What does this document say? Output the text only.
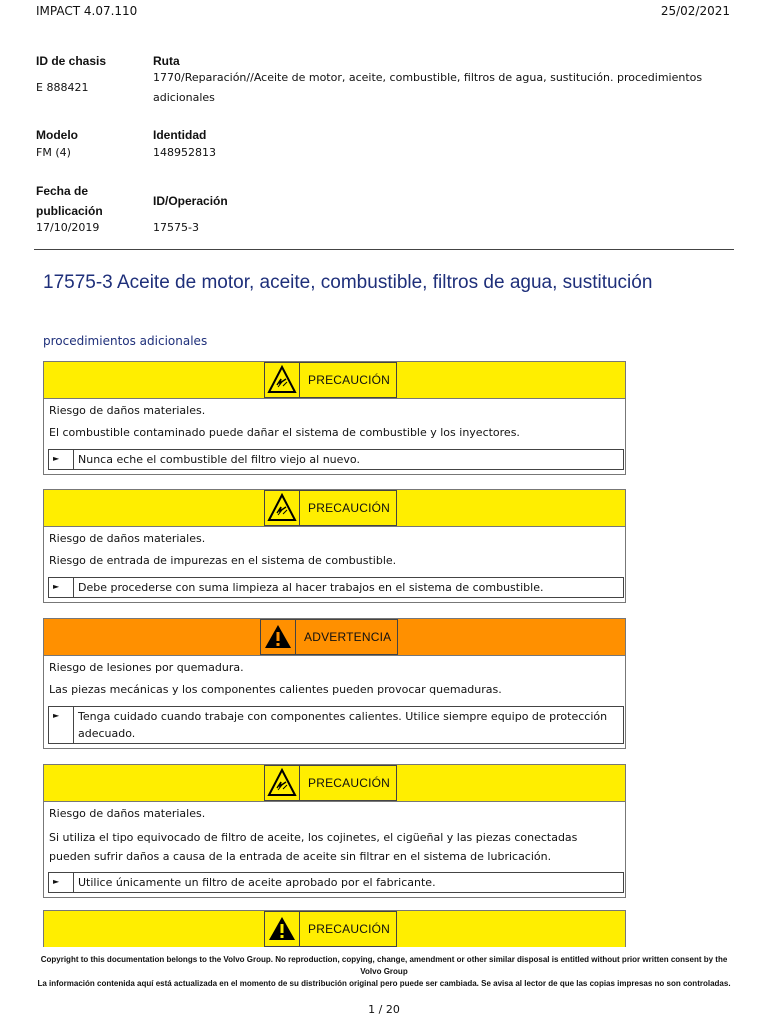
IMPACT 4.07.110	25/02/2021
ID de chasis
E 888421
Ruta
1770/Reparación//Aceite de motor, aceite, combustible, filtros de agua, sustitución. procedimientos adicionales
Modelo
FM (4)
Identidad
148952813
Fecha de
publicación
17/10/2019
ID/Operación
17575-3
17575-3 Aceite de motor, aceite, combustible, filtros de agua, sustitución
procedimientos adicionales
PRECAUCIÓN
Riesgo de daños materiales.
El combustible contaminado puede dañar el sistema de combustible y los inyectores.
►	Nunca eche el combustible del filtro viejo al nuevo.
PRECAUCIÓN
Riesgo de daños materiales.
Riesgo de entrada de impurezas en el sistema de combustible.
►	Debe procederse con suma limpieza al hacer trabajos en el sistema de combustible.
ADVERTENCIA
Riesgo de lesiones por quemadura.
Las piezas mecánicas y los componentes calientes pueden provocar quemaduras.
►	Tenga cuidado cuando trabaje con componentes calientes. Utilice siempre equipo de protección adecuado.
PRECAUCIÓN
Riesgo de daños materiales.
Si utiliza el tipo equivocado de filtro de aceite, los cojinetes, el cigüeñal y las piezas conectadas pueden sufrir daños a causa de la entrada de aceite sin filtrar en el sistema de lubricación.
►	Utilice únicamente un filtro de aceite aprobado por el fabricante.
PRECAUCIÓN
Copyright to this documentation belongs to the Volvo Group. No reproduction, copying, change, amendment or other similar disposal is entitled without prior written consent by the Volvo Group
La información contenida aquí está actualizada en el momento de su distribución original pero puede ser cambiada. Se avisa al lector de que las copias impresas no son controladas.
1 / 20
